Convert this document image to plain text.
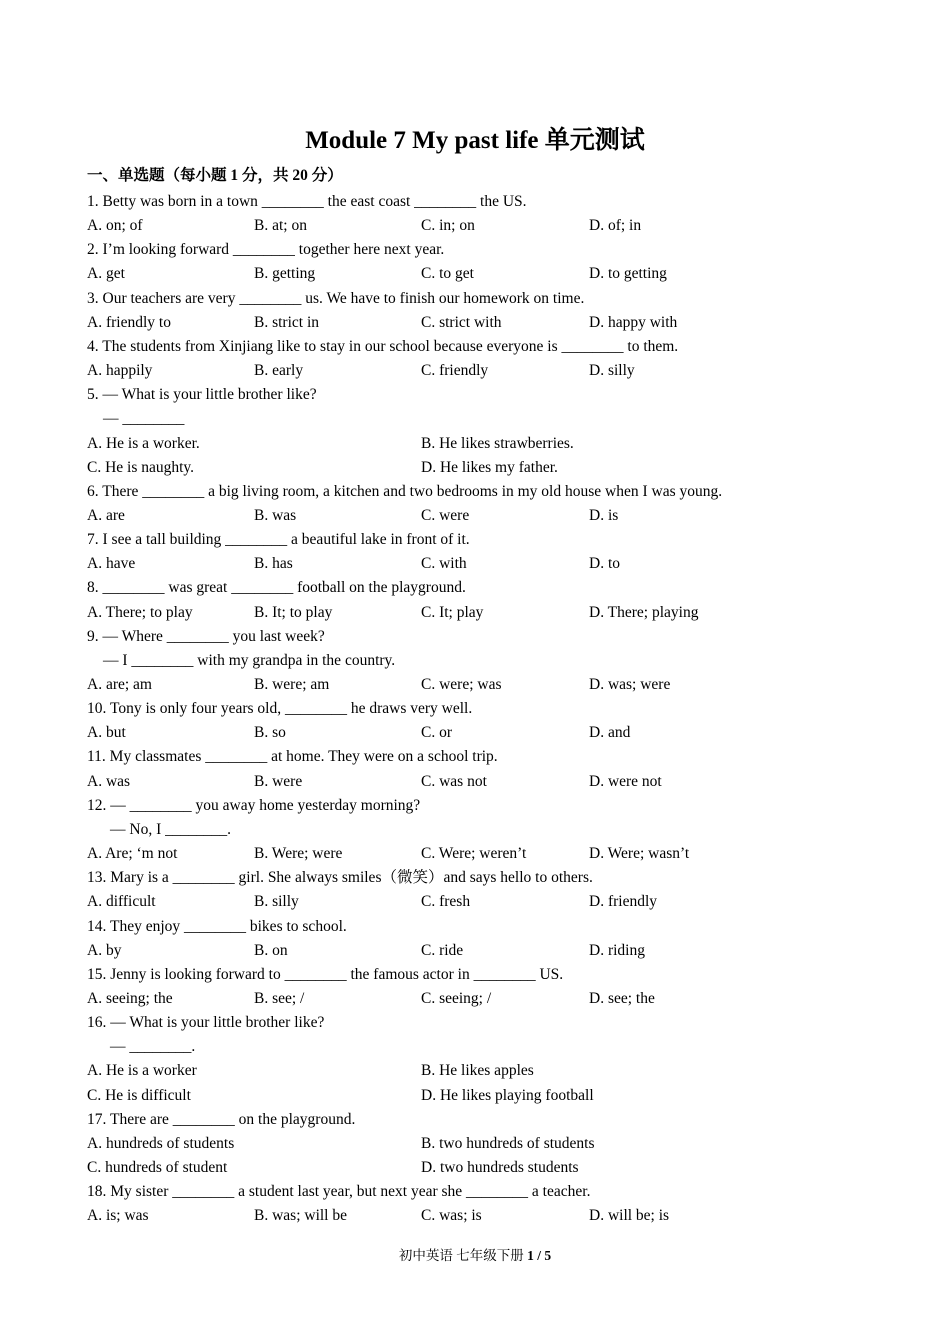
Module 7 My past life 单元测试
一、单选题（每小题 1 分，共 20 分）
1. Betty was born in a town ________ the east coast ________ the US.
A. on; of	B. at; on	C. in; on	D. of; in
2. I’m looking forward ________ together here next year.
A. get	B. getting	C. to get	D. to getting
3. Our teachers are very ________ us. We have to finish our homework on time.
A. friendly to	B. strict in	C. strict with	D. happy with
4. The students from Xinjiang like to stay in our school because everyone is ________ to them.
A. happily	B. early	C. friendly	D. silly
5. — What is your little brother like?
— ________
A. He is a worker.	B. He likes strawberries.
C. He is naughty.	D. He likes my father.
6. There ________ a big living room, a kitchen and two bedrooms in my old house when I was young.
A. are	B. was	C. were	D. is
7. I see a tall building ________ a beautiful lake in front of it.
A. have	B. has	C. with	D. to
8. ________ was great ________ football on the playground.
A. There; to play	B. It; to play	C. It; play	D. There; playing
9. — Where ________ you last week?
— I ________ with my grandpa in the country.
A. are; am	B. were; am	C. were; was	D. was; were
10. Tony is only four years old, ________ he draws very well.
A. but	B. so	C. or	D. and
11. My classmates ________ at home. They were on a school trip.
A. was	B. were	C. was not	D. were not
12. — ________ you away home yesterday morning?
— No, I ________.
A. Are; ‘m not	B. Were; were	C. Were; weren’t	D. Were; wasn’t
13. Mary is a ________ girl. She always smiles（微笑）and says hello to others.
A. difficult	B. silly	C. fresh	D. friendly
14. They enjoy ________ bikes to school.
A. by	B. on	C. ride	D. riding
15. Jenny is looking forward to ________ the famous actor in ________ US.
A. seeing; the	B. see; /	C. seeing; /	D. see; the
16. — What is your little brother like?
— ________.
A. He is a worker	B. He likes apples
C. He is difficult	D. He likes playing football
17. There are ________ on the playground.
A. hundreds of students	B. two hundreds of students
C. hundreds of student	D. two hundreds students
18. My sister ________ a student last year, but next year she ________ a teacher.
A. is; was	B. was; will be	C. was; is	D. will be; is
初中英语 七年级下册 1 / 5
